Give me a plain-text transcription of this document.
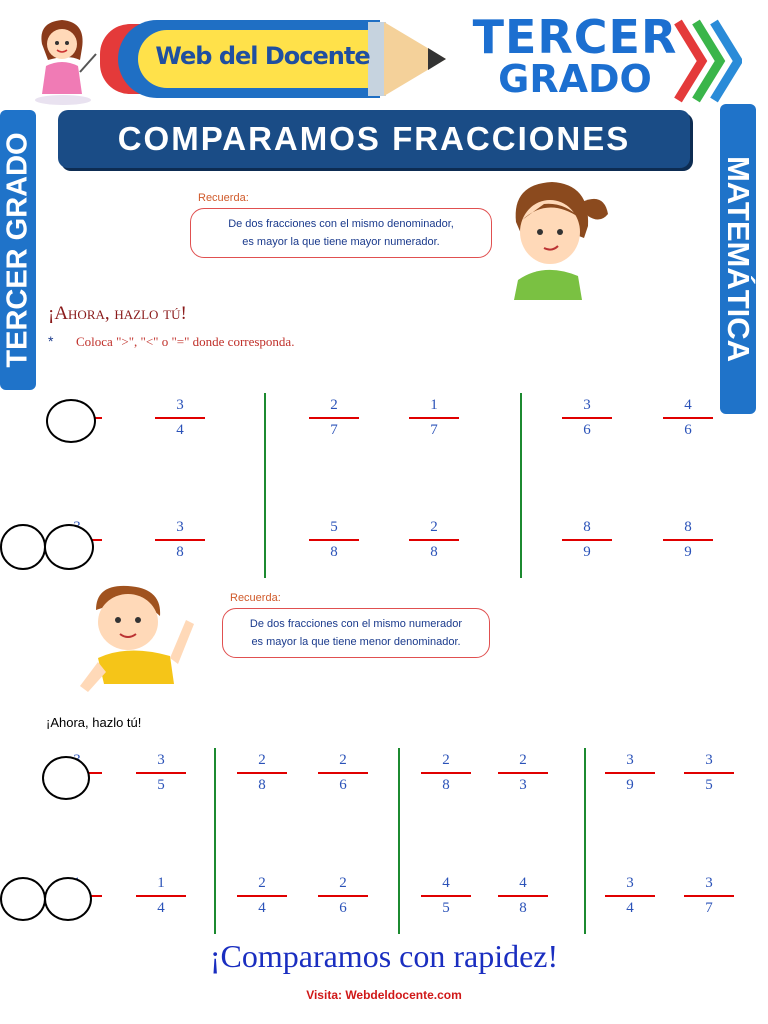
Web del Docente	TERCER
GRADO
COMPARAMOS FRACCIONES
TERCER GRADO	MATEMÁTICA
Recuerda:
De dos fracciones con el mismo denominador,
es mayor la que tiene mayor numerador.
¡Ahora, hazlo tú!
* Coloca ">", "<" o "=" donde corresponda.
3
4
2
7
1
7
3
6
4
6
3
8
5
8
2
8
8
9
8
9
Recuerda:
De dos fracciones con el mismo numerador
es mayor la que tiene menor denominador.
¡Ahora, hazlo tú!
3
5
2
8
2
6
2
8
2
3
3
9
3
5
1
4
2
4
2
6
4
5
4
8
3
4
3
7
¡Comparamos con rapidez!
Visita: Webdeldocente.com
